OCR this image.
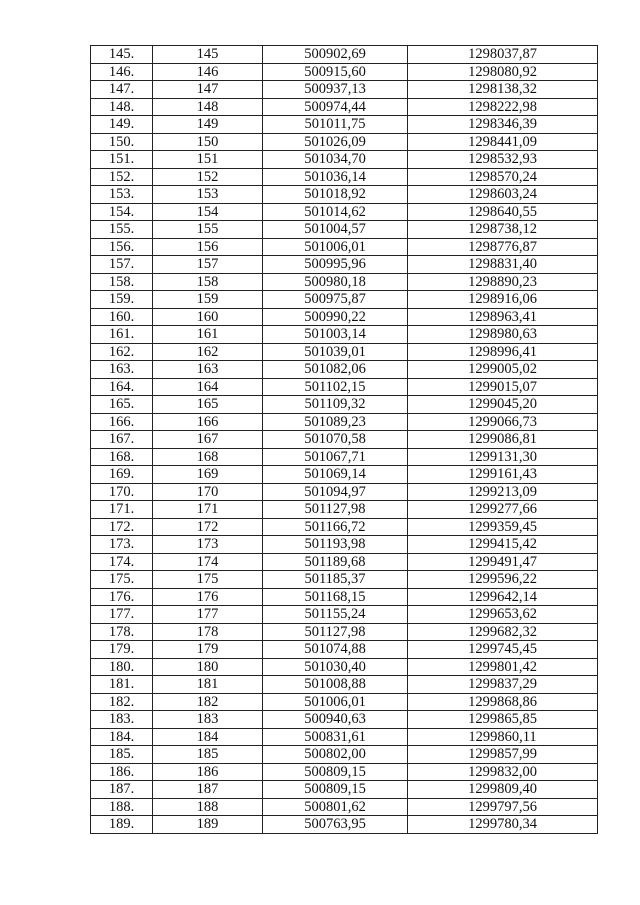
145.	145	500902,69	1298037,87
146.	146	500915,60	1298080,92
147.	147	500937,13	1298138,32
148.	148	500974,44	1298222,98
149.	149	501011,75	1298346,39
150.	150	501026,09	1298441,09
151.	151	501034,70	1298532,93
152.	152	501036,14	1298570,24
153.	153	501018,92	1298603,24
154.	154	501014,62	1298640,55
155.	155	501004,57	1298738,12
156.	156	501006,01	1298776,87
157.	157	500995,96	1298831,40
158.	158	500980,18	1298890,23
159.	159	500975,87	1298916,06
160.	160	500990,22	1298963,41
161.	161	501003,14	1298980,63
162.	162	501039,01	1298996,41
163.	163	501082,06	1299005,02
164.	164	501102,15	1299015,07
165.	165	501109,32	1299045,20
166.	166	501089,23	1299066,73
167.	167	501070,58	1299086,81
168.	168	501067,71	1299131,30
169.	169	501069,14	1299161,43
170.	170	501094,97	1299213,09
171.	171	501127,98	1299277,66
172.	172	501166,72	1299359,45
173.	173	501193,98	1299415,42
174.	174	501189,68	1299491,47
175.	175	501185,37	1299596,22
176.	176	501168,15	1299642,14
177.	177	501155,24	1299653,62
178.	178	501127,98	1299682,32
179.	179	501074,88	1299745,45
180.	180	501030,40	1299801,42
181.	181	501008,88	1299837,29
182.	182	501006,01	1299868,86
183.	183	500940,63	1299865,85
184.	184	500831,61	1299860,11
185.	185	500802,00	1299857,99
186.	186	500809,15	1299832,00
187.	187	500809,15	1299809,40
188.	188	500801,62	1299797,56
189.	189	500763,95	1299780,34
